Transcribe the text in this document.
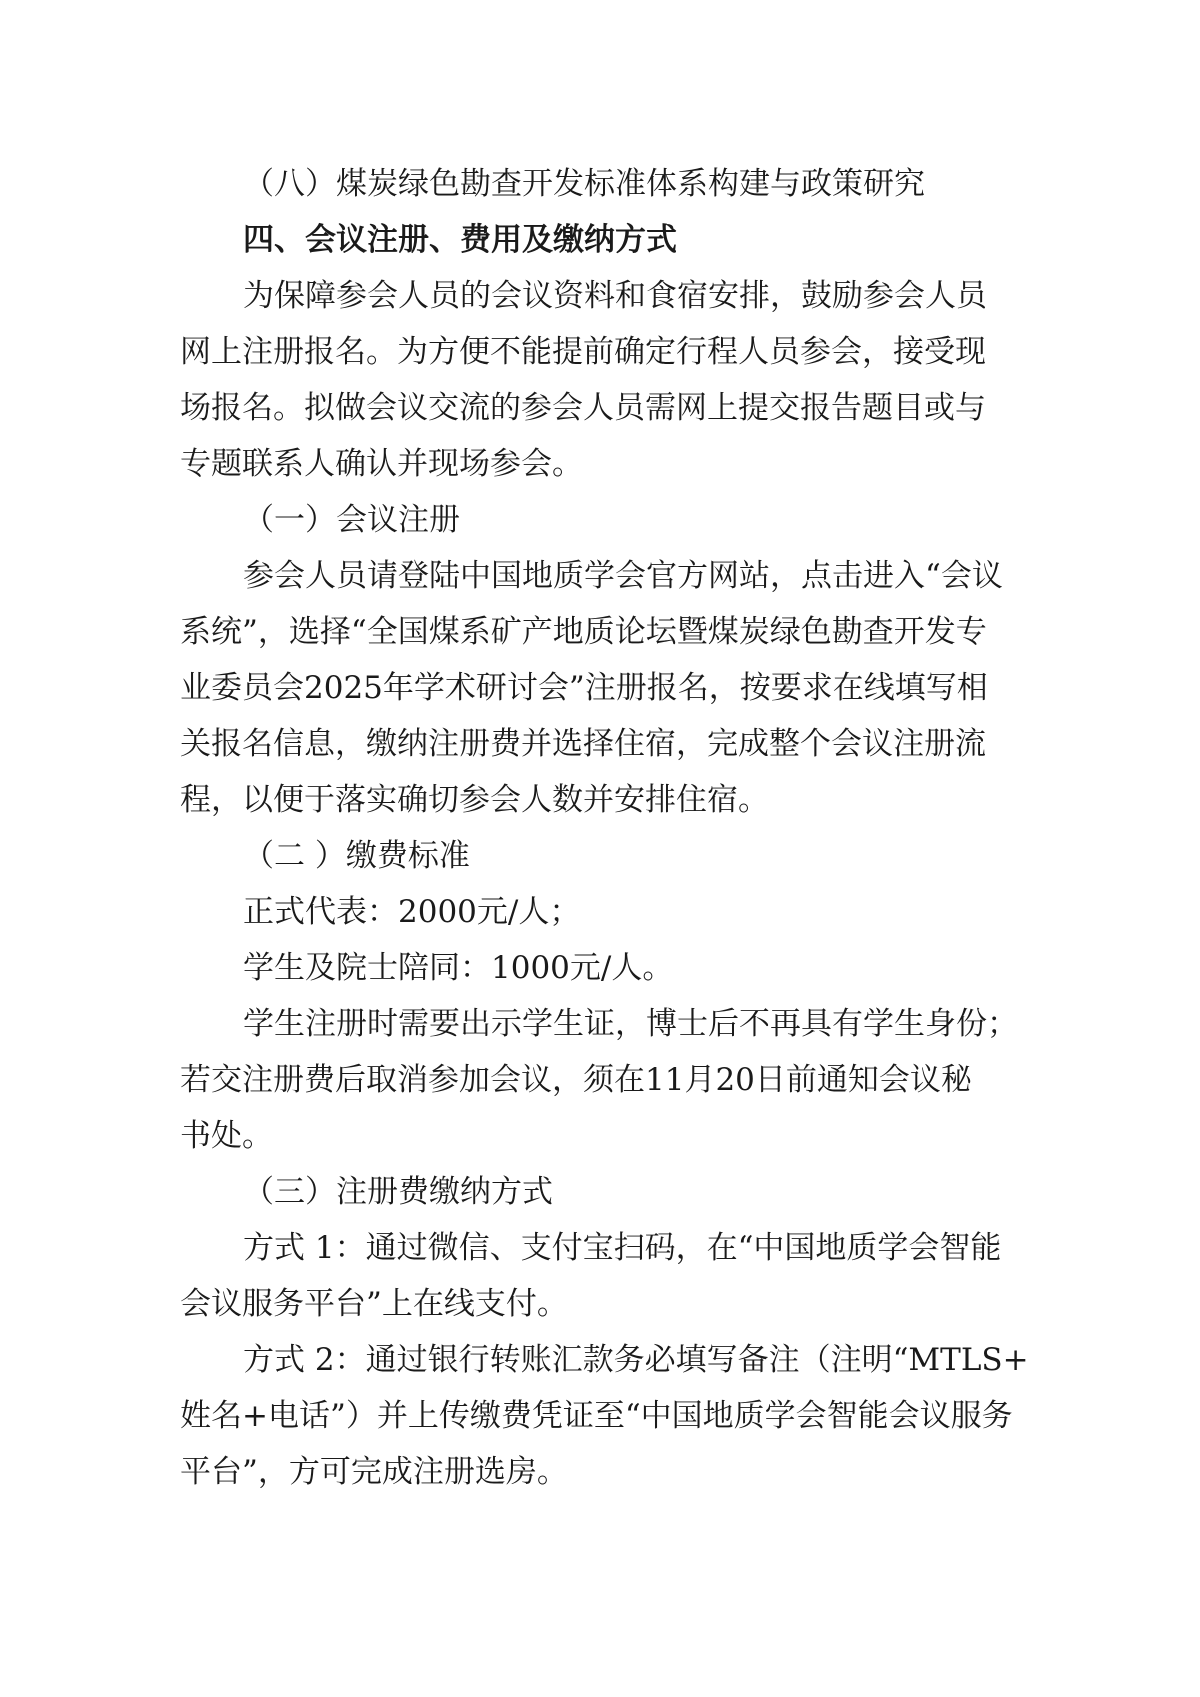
（八）煤炭绿色勘查开发标准体系构建与政策研究

四、会议注册、费用及缴纳方式

为保障参会人员的会议资料和食宿安排，鼓励参会人员

网上注册报名。为方便不能提前确定行程人员参会，接受现

场报名。拟做会议交流的参会人员需网上提交报告题目或与

专题联系人确认并现场参会。

（一）会议注册

参会人员请登陆中国地质学会官方网站，点击进入“会议

系统”，选择“全国煤系矿产地质论坛暨煤炭绿色勘查开发专

业委员会2025年学术研讨会”注册报名，按要求在线填写相

关报名信息，缴纳注册费并选择住宿，完成整个会议注册流

程，以便于落实确切参会人数并安排住宿。

（二 ）缴费标准

正式代表：2000元/人；

学生及院士陪同：1000元/人。

学生注册时需要出示学生证，博士后不再具有学生身份；

若交注册费后取消参加会议，须在11月20日前通知会议秘

书处。

（三）注册费缴纳方式

方式 1：通过微信、支付宝扫码，在“中国地质学会智能

会议服务平台”上在线支付。

方式 2：通过银行转账汇款务必填写备注（注明“MTLS+

姓名+电话”）并上传缴费凭证至“中国地质学会智能会议服务

平台”，方可完成注册选房。
